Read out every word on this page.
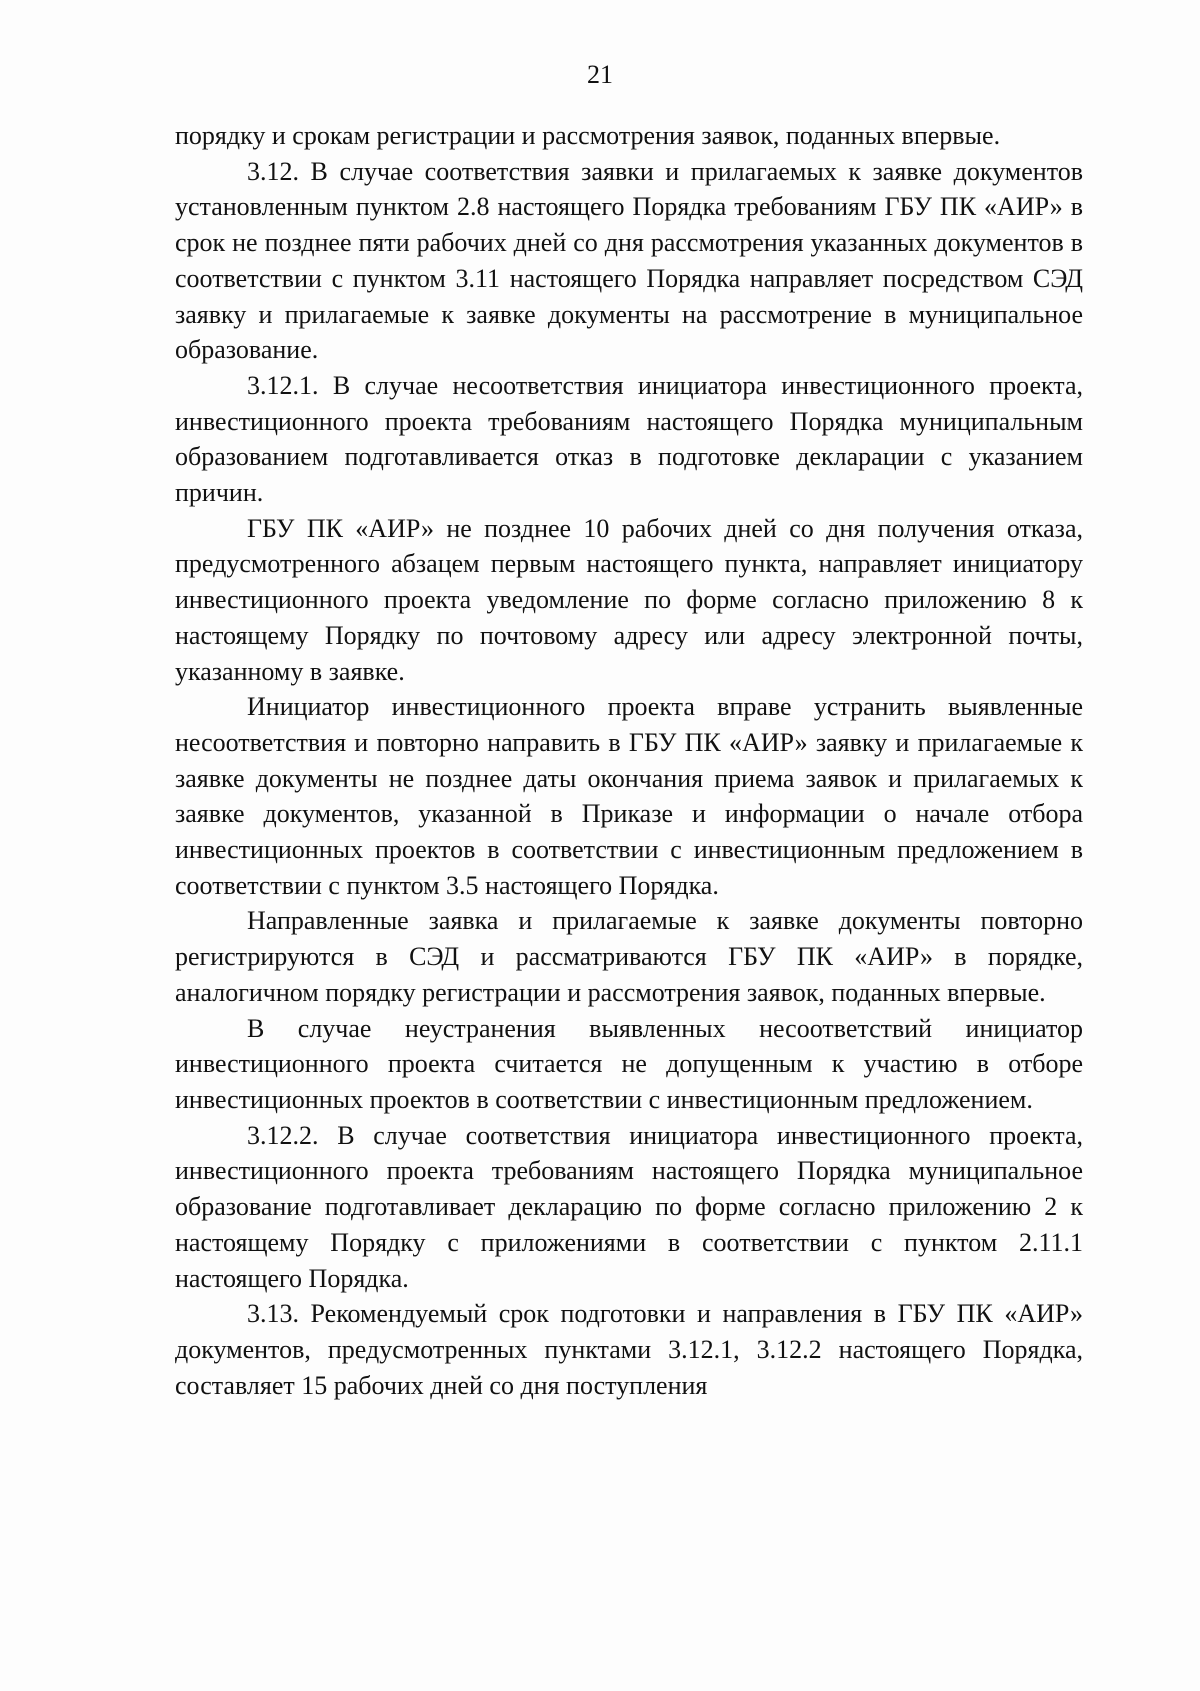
21

порядку и срокам регистрации и рассмотрения заявок, поданных впервые.

3.12. В случае соответствия заявки и прилагаемых к заявке документов установленным пунктом 2.8 настоящего Порядка требованиям ГБУ ПК «АИР» в срок не позднее пяти рабочих дней со дня рассмотрения указанных документов в соответствии с пунктом 3.11 настоящего Порядка направляет посредством СЭД заявку и прилагаемые к заявке документы на рассмотрение в муниципальное образование.

3.12.1. В случае несоответствия инициатора инвестиционного проекта, инвестиционного проекта требованиям настоящего Порядка муниципальным образованием подготавливается отказ в подготовке декларации с указанием причин.

ГБУ ПК «АИР» не позднее 10 рабочих дней со дня получения отказа, предусмотренного абзацем первым настоящего пункта, направляет инициатору инвестиционного проекта уведомление по форме согласно приложению 8 к настоящему Порядку по почтовому адресу или адресу электронной почты, указанному в заявке.

Инициатор инвестиционного проекта вправе устранить выявленные несоответствия и повторно направить в ГБУ ПК «АИР» заявку и прилагаемые к заявке документы не позднее даты окончания приема заявок и прилагаемых к заявке документов, указанной в Приказе и информации о начале отбора инвестиционных проектов в соответствии с инвестиционным предложением в соответствии с пунктом 3.5 настоящего Порядка.

Направленные заявка и прилагаемые к заявке документы повторно регистрируются в СЭД и рассматриваются ГБУ ПК «АИР» в порядке, аналогичном порядку регистрации и рассмотрения заявок, поданных впервые.

В случае неустранения выявленных несоответствий инициатор инвестиционного проекта считается не допущенным к участию в отборе инвестиционных проектов в соответствии с инвестиционным предложением.

3.12.2. В случае соответствия инициатора инвестиционного проекта, инвестиционного проекта требованиям настоящего Порядка муниципальное образование подготавливает декларацию по форме согласно приложению 2 к настоящему Порядку с приложениями в соответствии с пунктом 2.11.1 настоящего Порядка.

3.13. Рекомендуемый срок подготовки и направления в ГБУ ПК «АИР» документов, предусмотренных пунктами 3.12.1, 3.12.2 настоящего Порядка, составляет 15 рабочих дней со дня поступления
